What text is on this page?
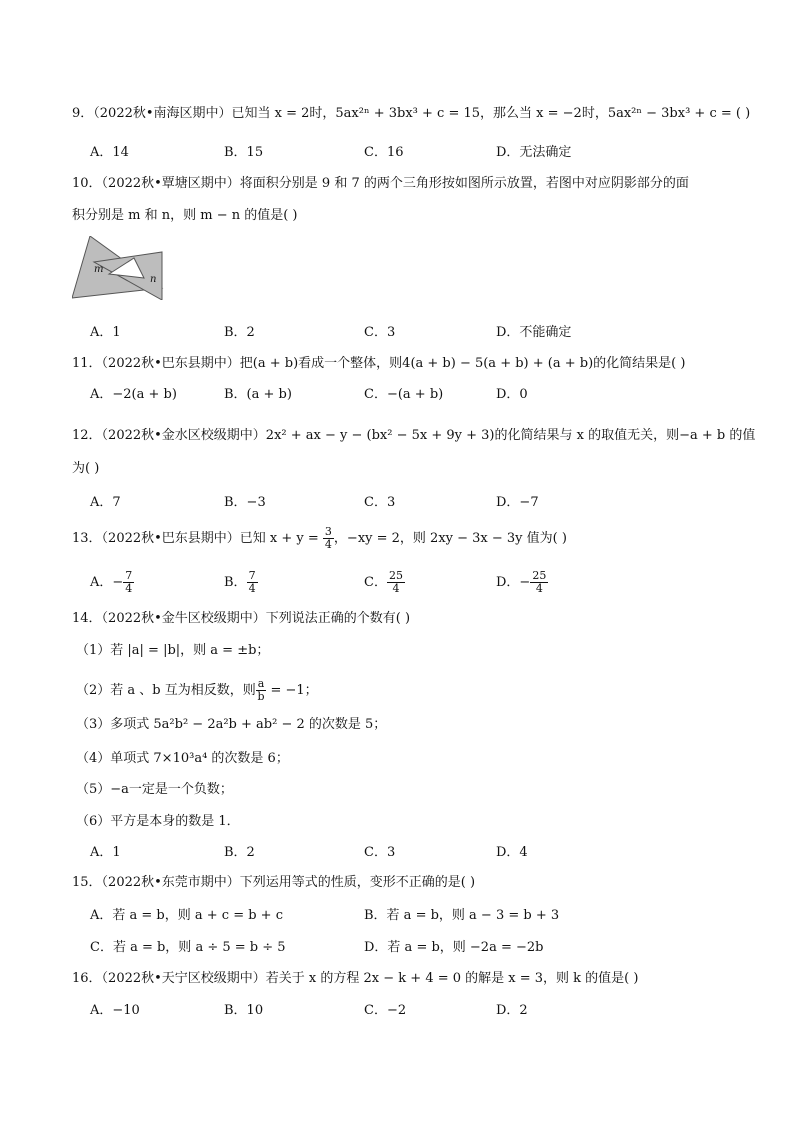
9．（2022秋•南海区期中）已知当 x = 2时，5ax²ⁿ + 3bx³ + c = 15，那么当 x = −2时，5ax²ⁿ − 3bx³ + c = ( )
A．14	B．15	C．16	D．无法确定
10．（2022秋•覃塘区期中）将面积分别是 9 和 7 的两个三角形按如图所示放置，若图中对应阴影部分的面
积分别是 m 和 n，则 m − n 的值是( )
m
n
A．1	B．2	C．3	D．不能确定
11．（2022秋•巴东县期中）把(a + b)看成一个整体，则4(a + b) − 5(a + b) + (a + b)的化简结果是( )
A．−2(a + b)	B．(a + b)	C．−(a + b)	D．0
12．（2022秋•金水区校级期中）2x² + ax − y − (bx² − 5x + 9y + 3)的化简结果与 x 的取值无关，则−a + b 的值
为( )
A．7	B．−3	C．3	D．−7
13．（2022秋•巴东县期中）已知 $x + y = \frac{3}{4}$ ，−xy = 2，则 2xy − 3x − 3y 值为( )
A．− $\frac{7}{4}$	B． $\frac{7}{4}$	C． $\frac{25}{4}$	D．− $\frac{25}{4}$
14．（2022秋•金牛区校级期中）下列说法正确的个数有( )
（1）若 |a| = |b|，则 a = ±b；
（2）若 a 、b 互为相反数，则 $\frac{a}{b} = -1$；
（3）多项式 5a²b² − 2a²b + ab² − 2 的次数是 5；
（4）单项式 7×10³a⁴ 的次数是 6；
（5）−a一定是一个负数；
（6）平方是本身的数是 1．
A．1	B．2	C．3	D．4
15．（2022秋•东莞市期中）下列运用等式的性质，变形不正确的是( )
A．若 a = b，则 a + c = b + c	B．若 a = b，则 a − 3 = b + 3
C．若 a = b，则 a ÷ 5 = b ÷ 5	D．若 a = b，则 −2a = −2b
16．（2022秋•天宁区校级期中）若关于 x 的方程 2x − k + 4 = 0 的解是 x = 3，则 k 的值是( )
A．−10	B．10	C．−2	D．2
